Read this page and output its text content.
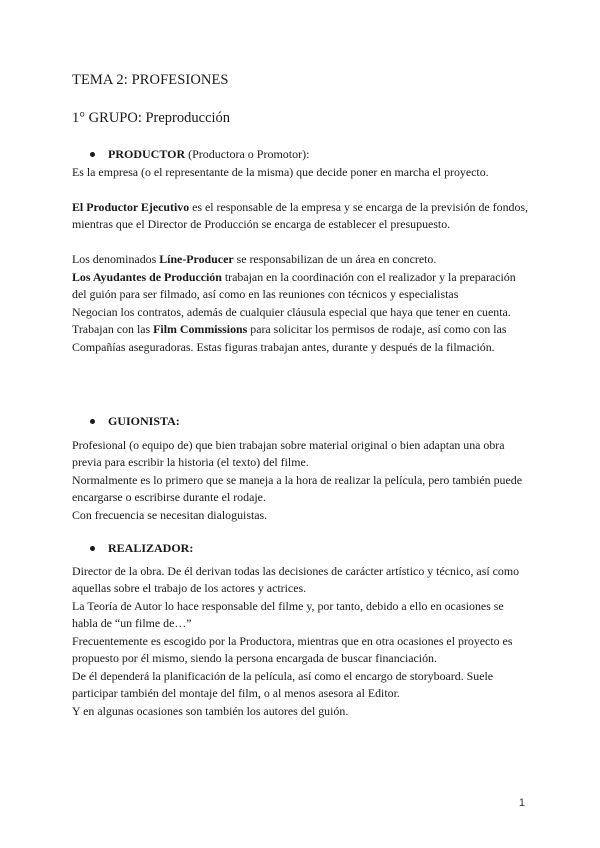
TEMA 2: PROFESIONES
1° GRUPO: Preproducción
PRODUCTOR (Productora o Promotor):

Es la empresa (o el representante de la misma) que decide poner en marcha el proyecto.

El Productor Ejecutivo es el responsable de la empresa y se encarga de la previsión de fondos, mientras que el Director de Producción se encarga de establecer el presupuesto.

Los denominados Líne-Producer se responsabilizan de un área en concreto.

Los Ayudantes de Producción trabajan en la coordinación con el realizador y la preparación del guión para ser filmado, así como en las reuniones con técnicos y especialistas

Negocian los contratos, además de cualquier cláusula especial que haya que tener en cuenta.

Trabajan con las Film Commissions para solicitar los permisos de rodaje, así como con las Compañías aseguradoras. Estas figuras trabajan antes, durante y después de la filmación.

GUIONISTA:

Profesional (o equipo de) que bien trabajan sobre material original o bien adaptan una obra previa para escribir la historia (el texto) del filme.

Normalmente es lo primero que se maneja a la hora de realizar la película, pero también puede encargarse o escribirse durante el rodaje.

Con frecuencia se necesitan dialoguistas.

REALIZADOR:

Director de la obra. De él derivan todas las decisiones de carácter artístico y técnico, así como aquellas sobre el trabajo de los actores y actrices.

La Teoría de Autor lo hace responsable del filme y, por tanto, debido a ello en ocasiones se habla de “un filme de…”

Frecuentemente es escogido por la Productora, mientras que en otra ocasiones el proyecto es propuesto por él mismo, siendo la persona encargada de buscar financiación.

De él dependerá la planificación de la película, así como el encargo de storyboard. Suele participar también del montaje del film, o al menos asesora al Editor.

Y en algunas ocasiones son también los autores del guión.

1
